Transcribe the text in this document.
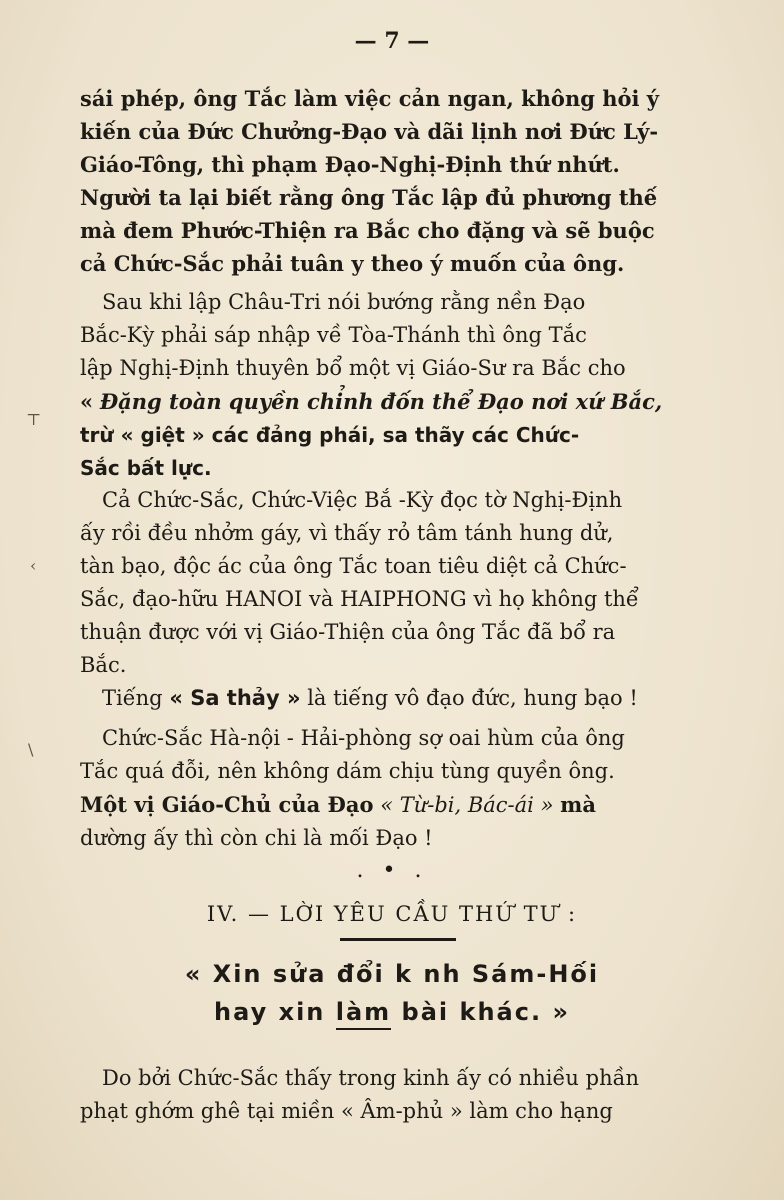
— 7 —

sái phép, ông Tắc làm việc cản ngan, không hỏi ý
kiến của Đức Chưởng-Đạo và dãi lịnh nơi Đức Lý-
Giáo-Tông, thì phạm Đạo-Nghị-Định thứ nhứt.
Người ta lại biết rằng ông Tắc lập đủ phương thế
mà đem Phước-Thiện ra Bắc cho đặng và sẽ buộc
cả Chức-Sắc phải tuân y theo ý muốn của ông.

Sau khi lập Châu-Tri nói bướng rằng nền Đạo
Bắc-Kỳ phải sáp nhập về Tòa-Thánh thì ông Tắc
lập Nghị-Định thuyên bổ một vị Giáo-Sư ra Bắc cho
« Đặng toàn quyền chỉnh đốn thể Đạo nơi xứ Bắc,
trừ « giệt » các đảng phái, sa thãy các Chức-
Sắc bất lực.
Cả Chức-Sắc, Chức-Việc Bắ -Kỳ đọc tờ Nghị-Định
ấy rồi đều nhởm gáy, vì thấy rỏ tâm tánh hung dử,
tàn bạo, độc ác của ông Tắc toan tiêu diệt cả Chức-
Sắc, đạo-hữu HANOI và HAIPHONG vì họ không thể
thuận được với vị Giáo-Thiện của ông Tắc đã bổ ra
Bắc.
Tiếng « Sa thảy » là tiếng vô đạo đức, hung bạo !
Chức-Sắc Hà-nội - Hải-phòng sợ oai hùm của ông
Tắc quá đỗi, nên không dám chịu tùng quyền ông.
Một vị Giáo-Chủ của Đạo « Từ-bi, Bác-ái » mà
dường ấy thì còn chi là mối Đạo !
. • .
IV. — LỜI YÊU CẦU THỨ TƯ :
« Xin sửa đổi k nh Sám-Hối
hay xin làm bài khác. »
Do bởi Chức-Sắc thấy trong kinh ấy có nhiều phần
phạt ghớm ghê tại miền « Âm-phủ » làm cho hạng
⊤
‹
\
